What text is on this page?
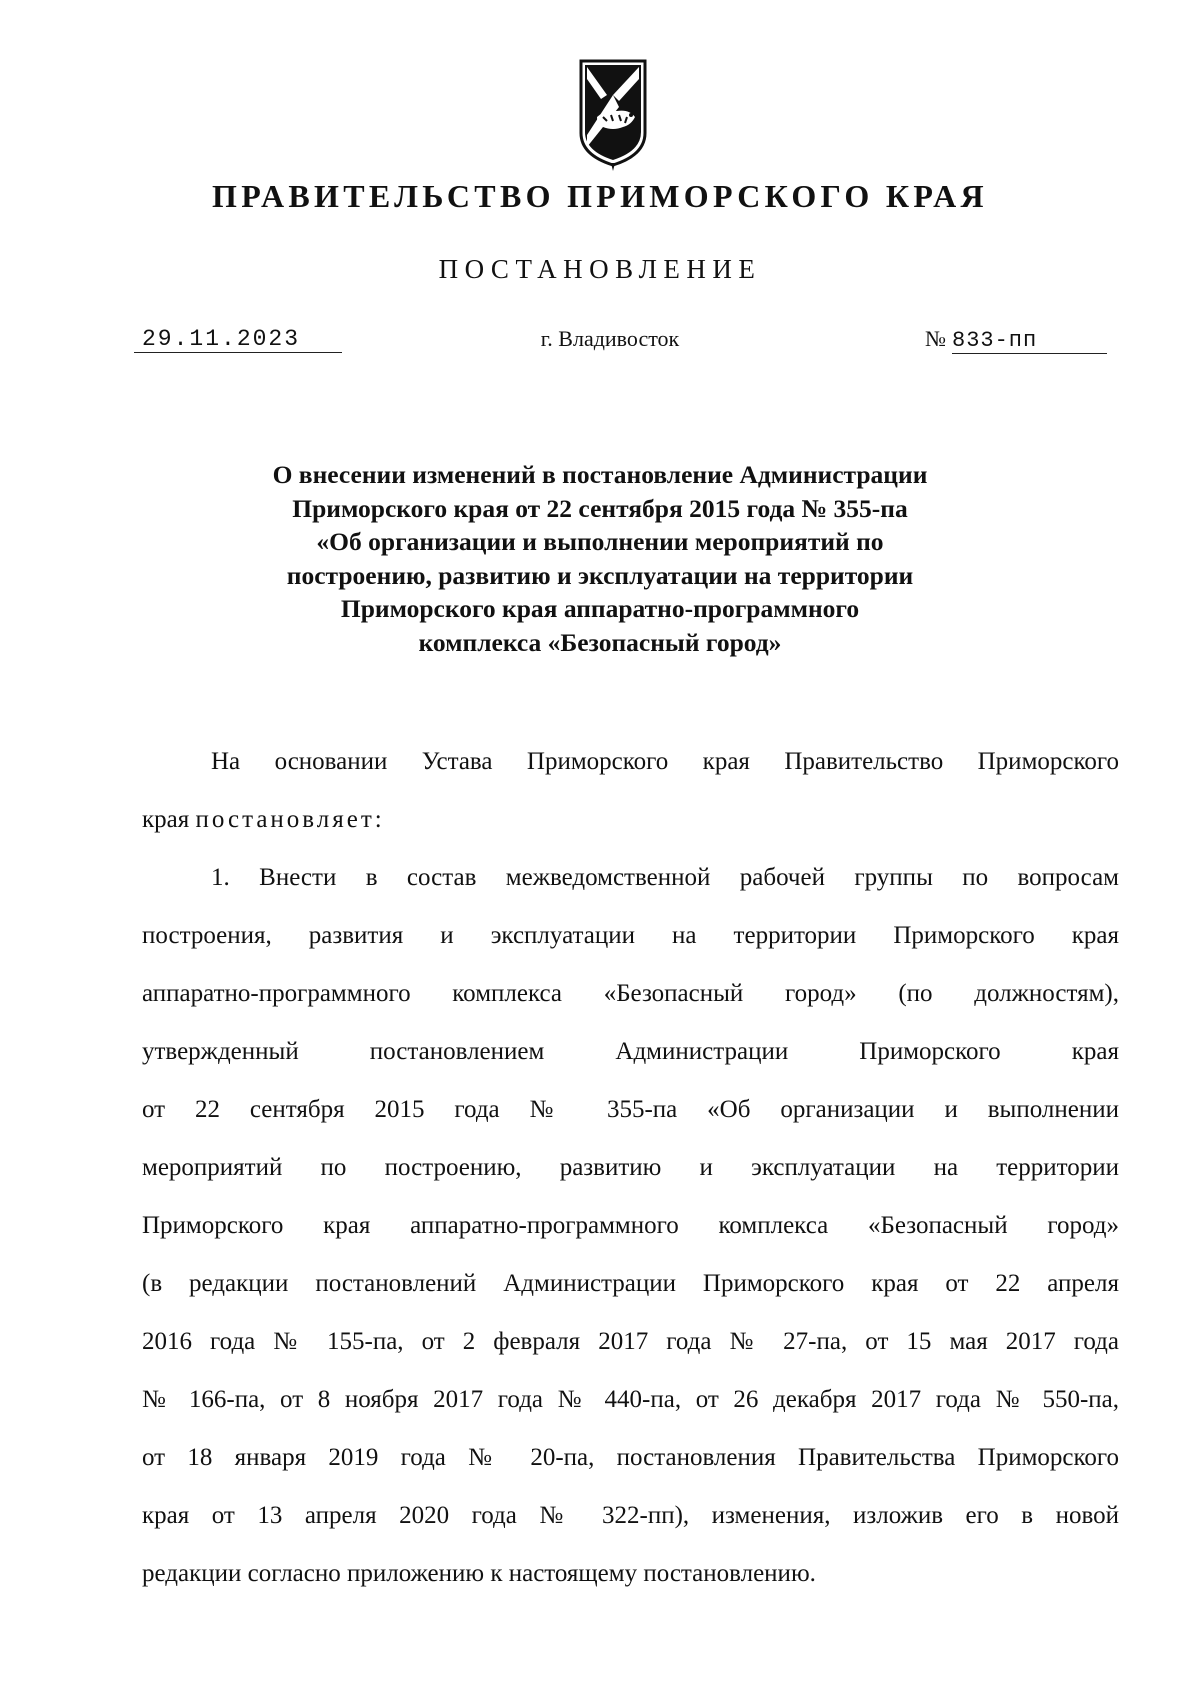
ПРАВИТЕЛЬСТВО ПРИМОРСКОГО КРАЯ
ПОСТАНОВЛЕНИЕ
29.11.2023	г. Владивосток	№ 833-пп
О внесении изменений в постановление Администрации
Приморского края от 22 сентября 2015 года № 355-па
«Об организации и выполнении мероприятий по
построению, развитию и эксплуатации на территории
Приморского края аппаратно-программного
комплекса «Безопасный город»
На основании Устава Приморского края Правительство Приморского
края постановляет:
1. Внести в состав межведомственной рабочей группы по вопросам
построения, развития и эксплуатации на территории Приморского края
аппаратно-программного комплекса «Безопасный город» (по должностям),
утвержденный постановлением Администрации Приморского края
от 22 сентября 2015 года № 355-па «Об организации и выполнении
мероприятий по построению, развитию и эксплуатации на территории
Приморского края аппаратно-программного комплекса «Безопасный город»
(в редакции постановлений Администрации Приморского края от 22 апреля
2016 года № 155-па, от 2 февраля 2017 года № 27-па, от 15 мая 2017 года
№ 166-па, от 8 ноября 2017 года № 440-па, от 26 декабря 2017 года № 550-па,
от 18 января 2019 года № 20-па, постановления Правительства Приморского
края от 13 апреля 2020 года № 322-пп), изменения, изложив его в новой
редакции согласно приложению к настоящему постановлению.
